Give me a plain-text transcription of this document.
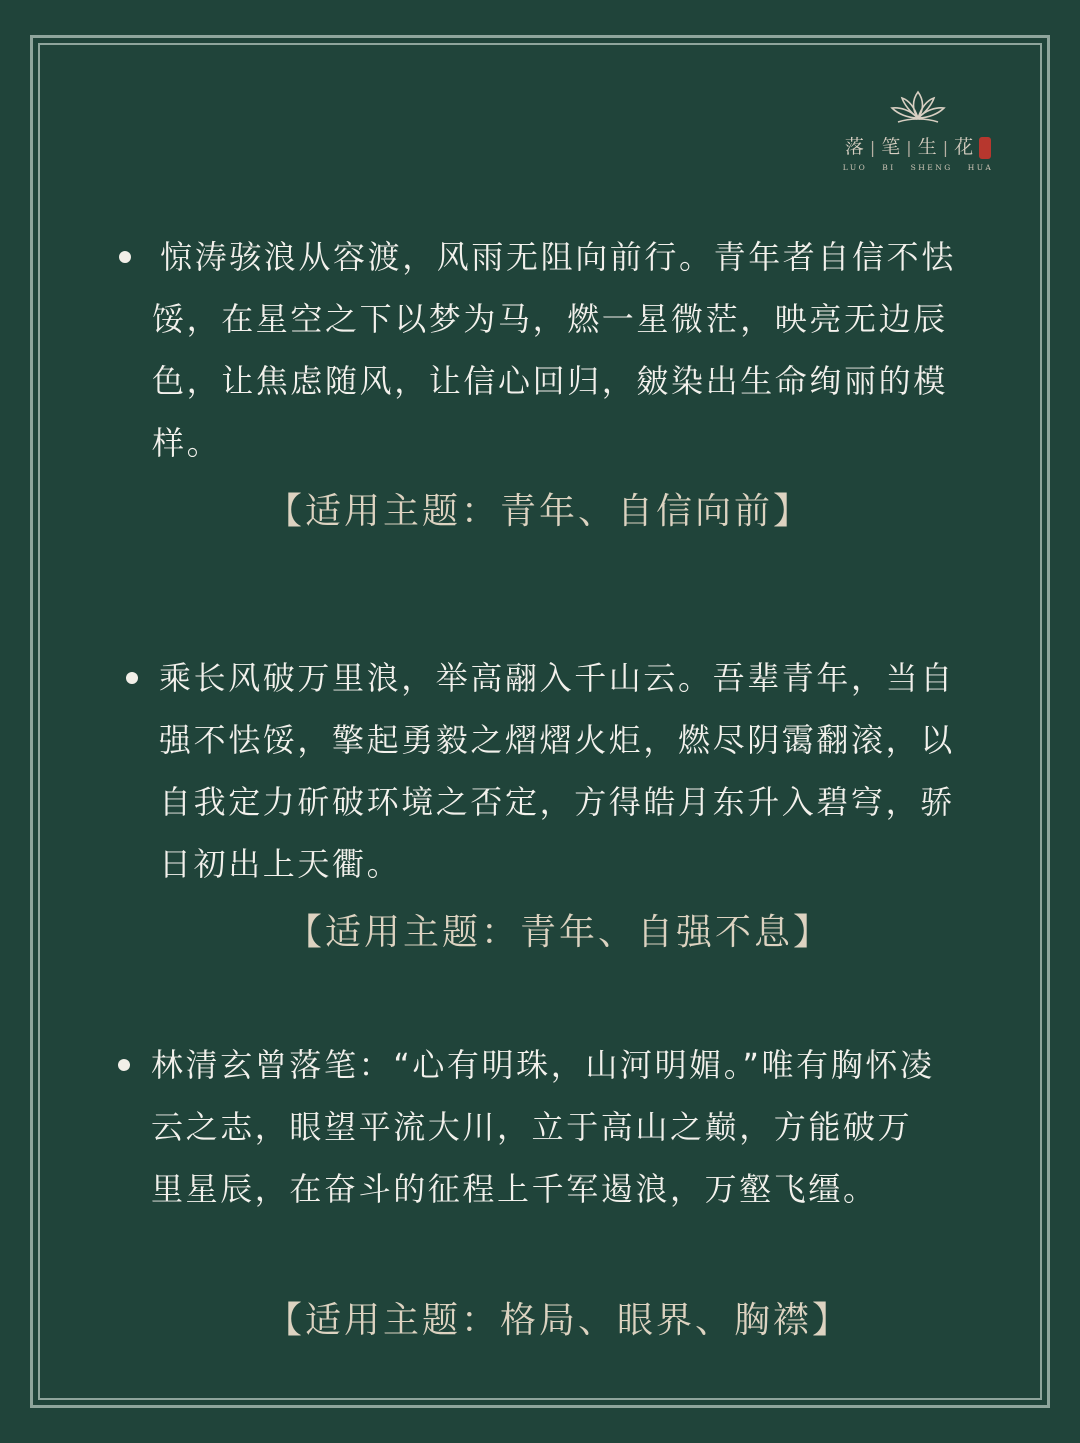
落 | 笔 | 生 | 花
LUO BI SHENG HUA

惊涛骇浪从容渡，风雨无阻向前行。青年者自信不怯馁，在星空之下以梦为马，燃一星微茫，映亮无边辰色，让焦虑随风，让信心回归，皴染出生命绚丽的模样。

【适用主题：青年、自信向前】

乘长风破万里浪，举高翮入千山云。吾辈青年，当自强不怯馁，擎起勇毅之熠熠火炬，燃尽阴霭翻滚，以自我定力斫破环境之否定，方得皓月东升入碧穹，骄日初出上天衢。

【适用主题：青年、自强不息】

林清玄曾落笔：“心有明珠，山河明媚。”唯有胸怀凌云之志，眼望平流大川，立于高山之巅，方能破万里星辰，在奋斗的征程上千军遏浪，万壑飞缰。

【适用主题：格局、眼界、胸襟】
